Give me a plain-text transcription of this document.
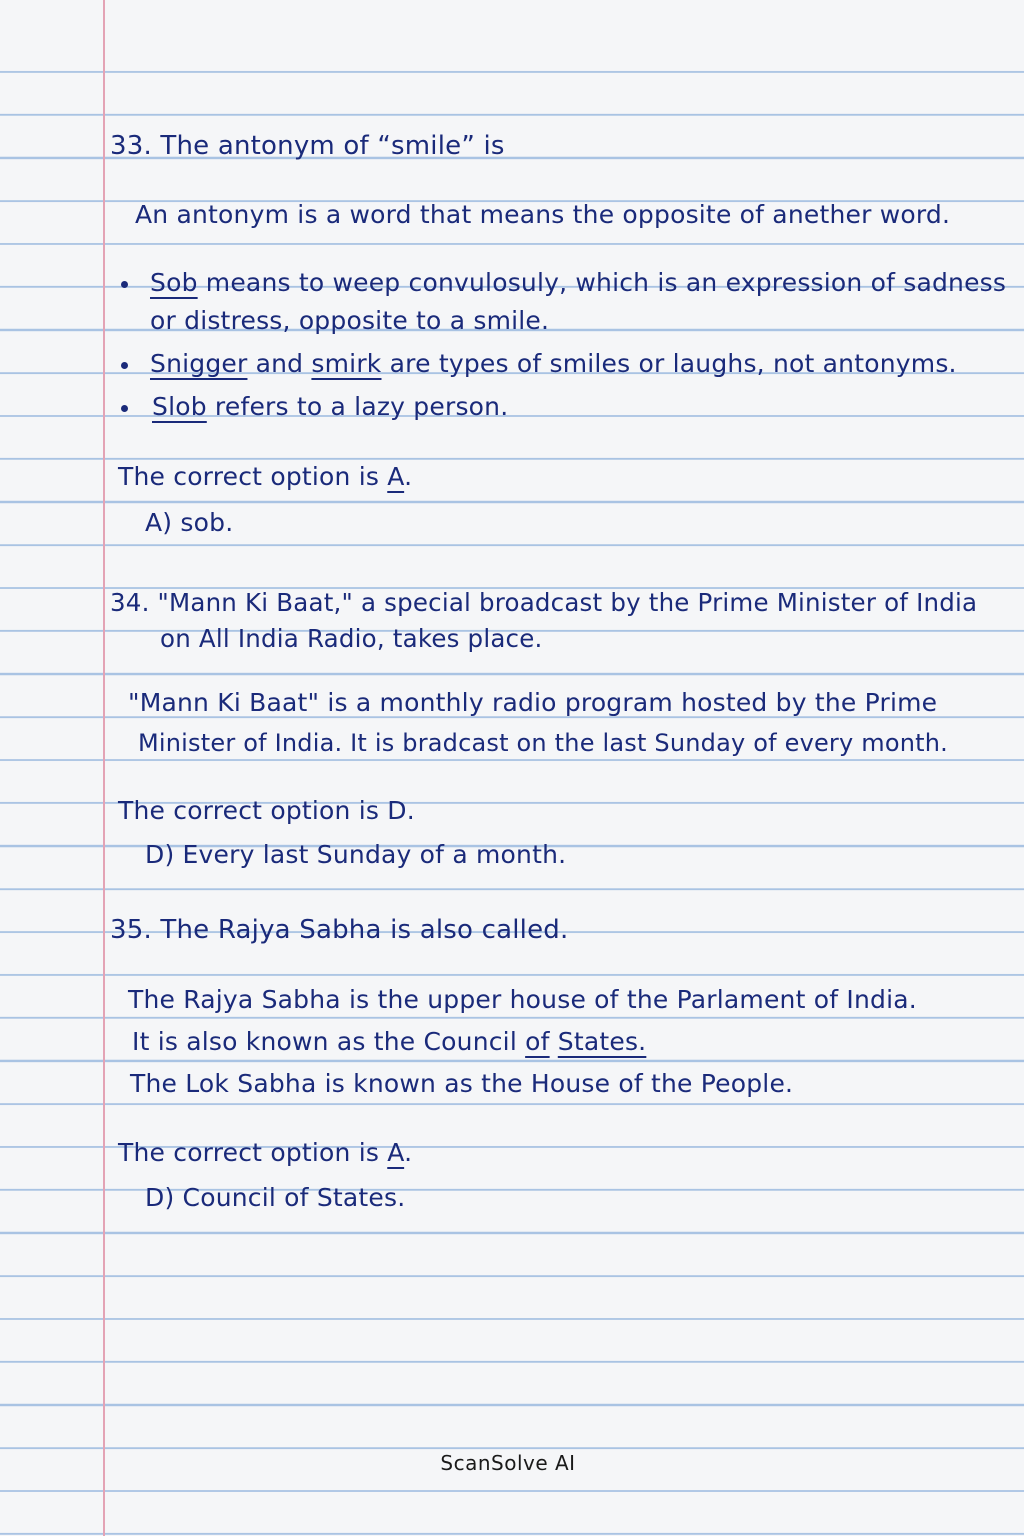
33. The antonym of “smile” is
An antonym is a word that means the opposite of anether word.
Sob means to weep convulosuly, which is an expression of sadness
or distress, opposite to a smile.
Snigger and smirk are types of smiles or laughs, not antonyms.
Slob refers to a lazy person.
The correct option is A.
A) sob.
34. "Mann Ki Baat," a special broadcast by the Prime Minister of India
on All India Radio, takes place.
"Mann Ki Baat" is a monthly radio program hosted by the Prime
Minister of India. It is bradcast on the last Sunday of every month.
The correct option is D.
D) Every last Sunday of a month.
35. The Rajya Sabha is also called.
The Rajya Sabha is the upper house of the Parlament of India.
It is also known as the Council of States.
The Lok Sabha is known as the House of the People.
The correct option is A.
D) Council of States.
ScanSolve AI
